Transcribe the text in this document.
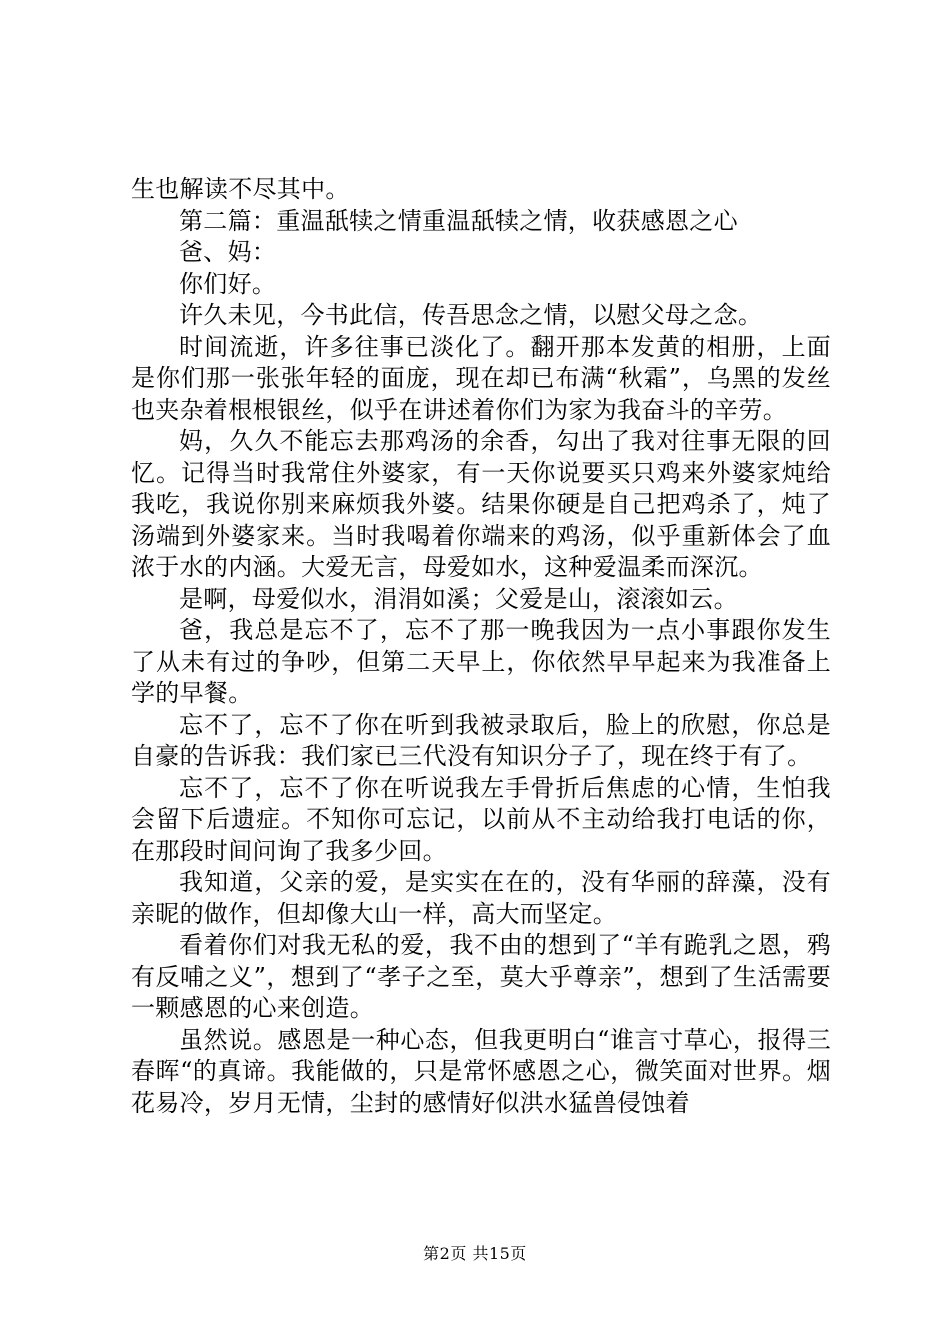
生也解读不尽其中。

第二篇：重温舐犊之情重温舐犊之情，收获感恩之心

爸、妈：

你们好。

许久未见，今书此信，传吾思念之情，以慰父母之念。

时间流逝，许多往事已淡化了。翻开那本发黄的相册，上面是你们那一张张年轻的面庞，现在却已布满“秋霜”，乌黑的发丝也夹杂着根根银丝，似乎在讲述着你们为家为我奋斗的辛劳。

妈，久久不能忘去那鸡汤的余香，勾出了我对往事无限的回忆。记得当时我常住外婆家，有一天你说要买只鸡来外婆家炖给我吃，我说你别来麻烦我外婆。结果你硬是自己把鸡杀了，炖了汤端到外婆家来。当时我喝着你端来的鸡汤，似乎重新体会了血浓于水的内涵。大爱无言，母爱如水，这种爱温柔而深沉。

是啊，母爱似水，涓涓如溪；父爱是山，滚滚如云。

爸，我总是忘不了，忘不了那一晚我因为一点小事跟你发生了从未有过的争吵，但第二天早上，你依然早早起来为我准备上学的早餐。

忘不了，忘不了你在听到我被录取后，脸上的欣慰，你总是自豪的告诉我：我们家已三代没有知识分子了，现在终于有了。

忘不了，忘不了你在听说我左手骨折后焦虑的心情，生怕我会留下后遗症。不知你可忘记，以前从不主动给我打电话的你，在那段时间问询了我多少回。

我知道，父亲的爱，是实实在在的，没有华丽的辞藻，没有亲昵的做作，但却像大山一样，高大而坚定。

看着你们对我无私的爱，我不由的想到了“羊有跪乳之恩，鸦有反哺之义”，想到了“孝子之至，莫大乎尊亲”，想到了生活需要一颗感恩的心来创造。

虽然说。感恩是一种心态，但我更明白“谁言寸草心，报得三春晖“的真谛。我能做的，只是常怀感恩之心，微笑面对世界。烟花易冷，岁月无情，尘封的感情好似洪水猛兽侵蚀着

第2页 共15页
